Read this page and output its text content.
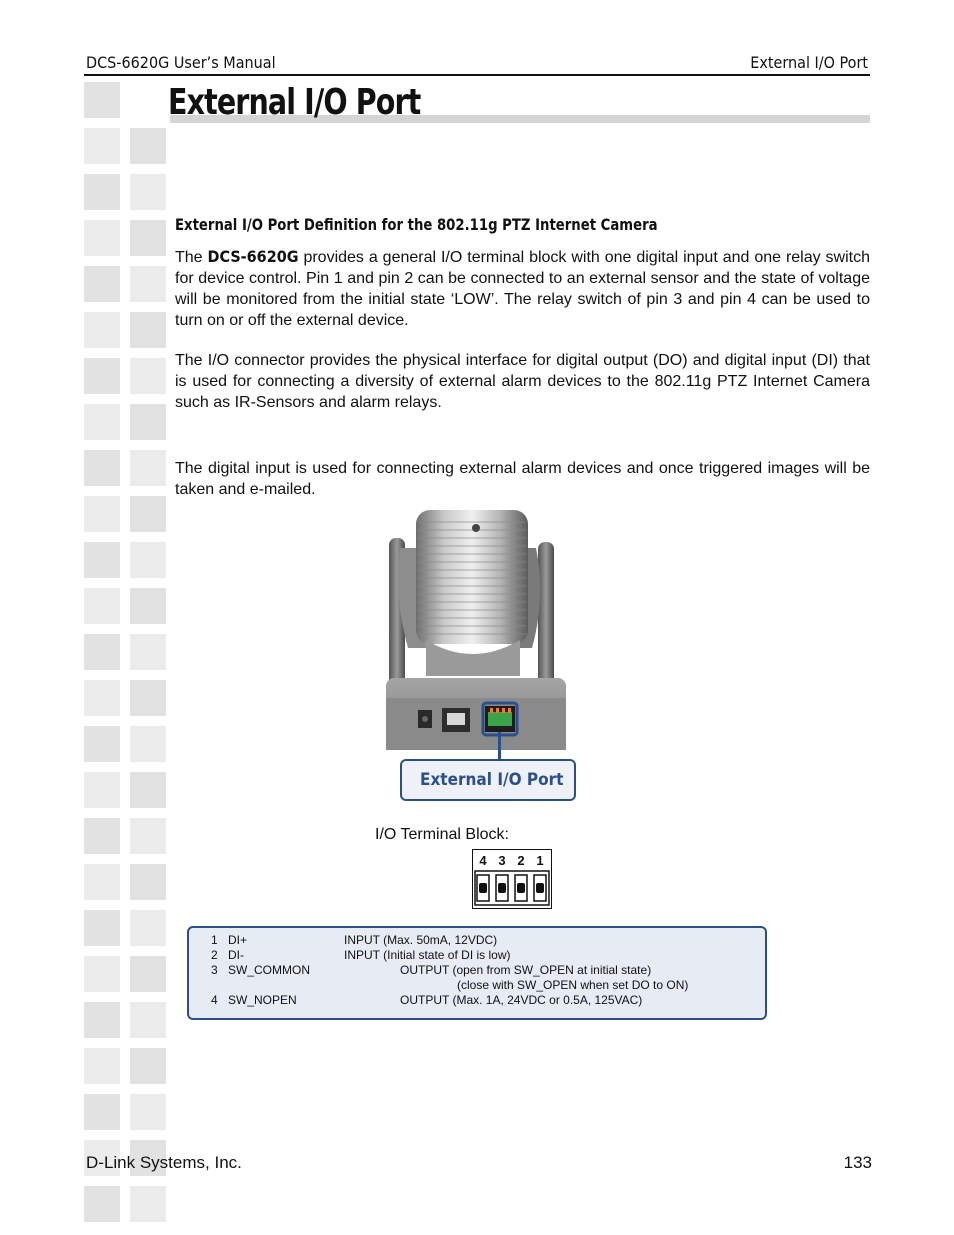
DCS-6620G User’s Manual	External I/O Port
External I/O Port
External I/O Port Definition for the 802.11g PTZ Internet Camera

The DCS-6620G provides a general I/O terminal block with one digital input and one relay switch for device control. Pin 1 and pin 2 can be connected to an external sensor and the state of voltage will be monitored from the initial state ‘LOW’. The relay switch of pin 3 and pin 4 can be used to turn on or off the external device.

The I/O connector provides the physical interface for digital output (DO) and digital input (DI) that is used for connecting a diversity of external alarm devices to the 802.11g PTZ Internet Camera such as IR-Sensors and alarm relays.

The digital input is used for connecting external alarm devices and once triggered images will be taken and e-mailed.

External I/O Port
I/O Terminal Block:
4 3 2 1
1 DI+	INPUT (Max. 50mA, 12VDC)
2 DI-	INPUT (Initial state of DI is low)
3 SW_COMMON	OUTPUT (open from SW_OPEN at initial state)
(close with SW_OPEN when set DO to ON)
4 SW_NOPEN	OUTPUT (Max. 1A, 24VDC or 0.5A, 125VAC)
D-Link Systems, Inc.	133
